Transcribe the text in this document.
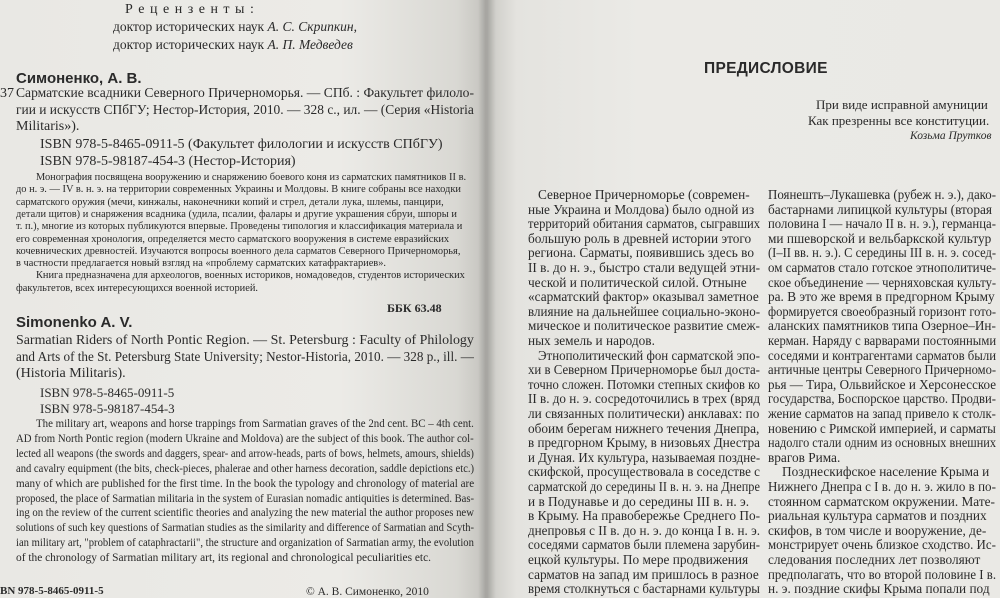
Р е ц е н з е н т ы :
доктор исторических наук А. С. Скрипкин,
доктор исторических наук А. П. Медведев
Симоненко, А. В.
37 Сарматские всадники Северного Причерноморья. — СПб. : Факультет филоло-
гии и искусств СПбГУ; Нестор-История, 2010. — 328 с., ил. — (Серия «Historia
Militaris»).
ISBN 978-5-8465-0911-5 (Факультет филологии и искусств СПбГУ)
ISBN 978-5-98187-454-3 (Нестор-История)
Монография посвящена вооружению и снаряжению боевого коня из сарматских памятников II в.
до н. э. — IV в. н. э. на территории современных Украины и Молдовы. В книге собраны все находки
сарматского оружия (мечи, кинжалы, наконечники копий и стрел, детали лука, шлемы, панцири,
детали щитов) и снаряжения всадника (удила, псалии, фалары и другие украшения сбруи, шпоры и
т. п.), многие из которых публикуются впервые. Проведены типология и классификация материала и
его современная хронология, определяется место сарматского вооружения в системе евразийских
кочевнических древностей. Изучаются вопросы военного дела сарматов Северного Причерноморья,
в частности предлагается новый взгляд на «проблему сарматских катафрактариев».
Книга предназначена для археологов, военных историков, номадоведов, студентов исторических
факультетов, всех интересующихся военной историей.
ББК 63.48
Simonenko A. V.
Sarmatian Riders of North Pontic Region. — St. Petersburg : Faculty of Philology
and Arts of the St. Petersburg State University; Nestor-Historia, 2010. — 328 p., ill. —
(Historia Militaris).
ISBN 978-5-8465-0911-5
ISBN 978-5-98187-454-3
The military art, weapons and horse trappings from Sarmatian graves of the 2nd cent. BC – 4th cent.
AD from North Pontic region (modern Ukraine and Moldova) are the subject of this book. The author col-
lected all weapons (the swords and daggers, spear- and arrow-heads, parts of bows, helmets, amours, shields)
and cavalry equipment (the bits, check-pieces, phalerae and other harness decoration, saddle depictions etc.)
many of which are published for the first time. In the book the typology and chronology of material are
proposed, the place of Sarmatian militaria in the system of Eurasian nomadic antiquities is determined. Bas-
ing on the review of the current scientific theories and analyzing the new material the author proposes new
solutions of such key questions of Sarmatian studies as the similarity and difference of Sarmatian and Scyth-
ian military art, "problem of cataphractarii", the structure and organization of Sarmatian army, the evolution
of the chronology of Sarmatian military art, its regional and chronological peculiarities etc.
BN 978-5-8465-0911-5	© А. В. Симоненко, 2010
ПРЕДИСЛОВИЕ
При виде исправной амуниции
Как презренны все конституции.
Козьма Прутков
Северное Причерноморье (современ-
ные Украина и Молдова) было одной из
территорий обитания сарматов, сыгравших
большую роль в древней истории этого
региона. Сарматы, появившись здесь во
II в. до н. э., быстро стали ведущей этни-
ческой и политической силой. Отныне
«сарматский фактор» оказывал заметное
влияние на дальнейшее социально-эконо-
мическое и политическое развитие смеж-
ных земель и народов.
Этнополитический фон сарматской эпо-
хи в Северном Причерноморье был доста-
точно сложен. Потомки степных скифов ко
II в. до н. э. сосредоточились в трех (вряд
ли связанных политически) анклавах: по
обоим берегам нижнего течения Днепра,
в предгорном Крыму, в низовьях Днестра
и Дуная. Их культура, называемая поздне-
скифской, просуществовала в соседстве с
сарматской до середины II в. н. э. на Днепре
и в Подунавье и до середины III в. н. э.
в Крыму. На правобережье Среднего По-
днепровья с II в. до н. э. до конца I в. н. э.
соседями сарматов были племена зарубин-
ецкой культуры. По мере продвижения
сарматов на запад им пришлось в разное
время столкнуться с бастарнами культуры
Поянешть–Лукашевка (рубеж н. э.), дако-
бастарнами липицкой культуры (вторая
половина I — начало II в. н. э.), германца-
ми пшеворской и вельбаркской культур
(I–II вв. н. э.). С середины III в. н. э. сосед-
ом сарматов стало готское этнополитиче-
ское объединение — черняховская культу-
ра. В это же время в предгорном Крыму
формируется своеобразный горизонт гото-
аланских памятников типа Озерное–Ин-
керман. Наряду с варварами постоянными
соседями и контрагентами сарматов были
античные центры Северного Причерномо-
рья — Тира, Ольвийское и Херсонесское
государства, Боспорское царство. Продви-
жение сарматов на запад привело к столк-
новению с Римской империей, и сарматы
надолго стали одним из основных внешних
врагов Рима.
Позднескифское население Крыма и
Нижнего Днепра с I в. до н. э. жило в по-
стоянном сарматском окружении. Мате-
риальная культура сарматов и поздних
скифов, в том числе и вооружение, де-
монстрирует очень близкое сходство. Ис-
следования последних лет позволяют
предполагать, что во второй половине I в.
н. э. поздние скифы Крыма попали под
